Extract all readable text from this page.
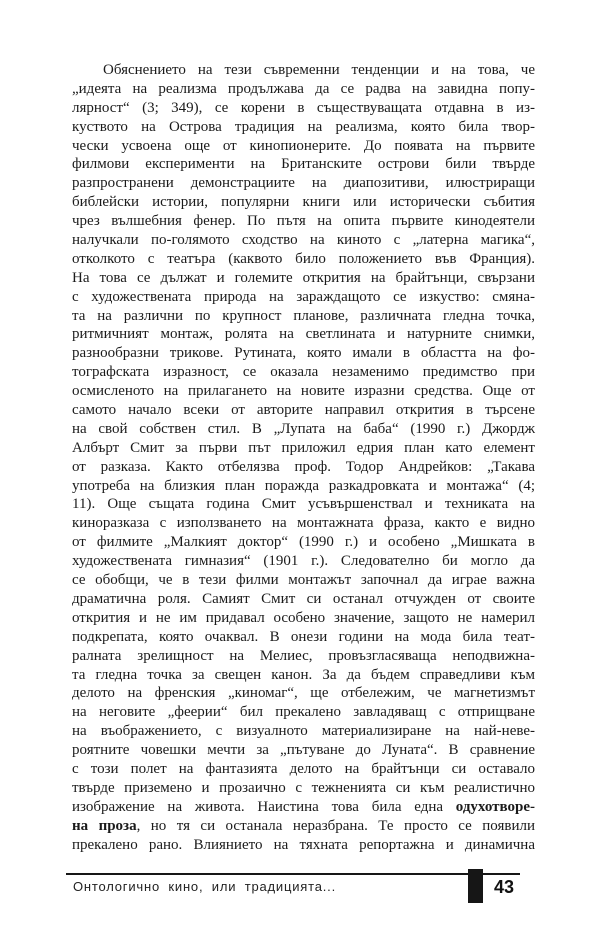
Обяснението на тези съвременни тенденции и на това, че
„идеята на реализма продължава да се радва на завидна попу-
лярност“ (3; 349), се корени в съществуващата отдавна в из-
куството на Острова традиция на реализма, която била твор-
чески усвоена още от кинопионерите. До появата на първите
филмови експерименти на Британските острови били твърде
разпространени демонстрациите на диапозитиви, илюстриращи
библейски истории, популярни книги или исторически събития
чрез вълшебния фенер. По пътя на опита първите кинодеятели
налучкали по-голямото сходство на киното с „латерна магика“,
отколкото с театъра (каквото било положението във Франция).
На това се дължат и големите открития на брайтънци, свързани
с художествената природа на зараждащото се изкуство: смяна-
та на различни по крупност планове, различната гледна точка,
ритмичният монтаж, ролята на светлината и натурните снимки,
разнообразни трикове. Рутината, която имали в областта на фо-
тографската изразност, се оказала незаменимо предимство при
осмисленото на прилагането на новите изразни средства. Още от
самото начало всеки от авторите направил открития в търсене
на свой собствен стил. В „Лупата на баба“ (1990 г.) Джордж
Албърт Смит за първи път приложил едрия план като елемент
от разказа. Както отбелязва проф. Тодор Андрейков: „Такава
употреба на близкия план поражда разкадровката и монтажа“ (4;
11). Още същата година Смит усъвършенствал и техниката на
киноразказа с използването на монтажната фраза, както е видно
от филмите „Малкият доктор“ (1990 г.) и особено „Мишката в
художествената гимназия“ (1901 г.). Следователно би могло да
се обобщи, че в тези филми монтажът започнал да играе важна
драматична роля. Самият Смит си останал отчужден от своите
открития и не им придавал особено значение, защото не намерил
подкрепата, която очаквал. В онези години на мода била теат-
ралната зрелищност на Мелиес, провъзгласяваща неподвижна-
та гледна точка за свещен канон. За да бъдем справедливи към
делото на френския „киномаг“, ще отбележим, че магнетизмът
на неговите „феерии“ бил прекалено завладяващ с отприщване
на въображението, с визуалното материализиране на най-неве-
роятните човешки мечти за „пътуване до Луната“. В сравнение
с този полет на фантазията делото на брайтънци си оставало
твърде приземено и прозаично с тежненията си към реалистично
изображение на живота. Наистина това била една одухотворе-
на проза, но тя си останала неразбрана. Те просто се появили
прекалено рано. Влиянието на тяхната репортажна и динамична
Онтологично кино, или традицията...	43
